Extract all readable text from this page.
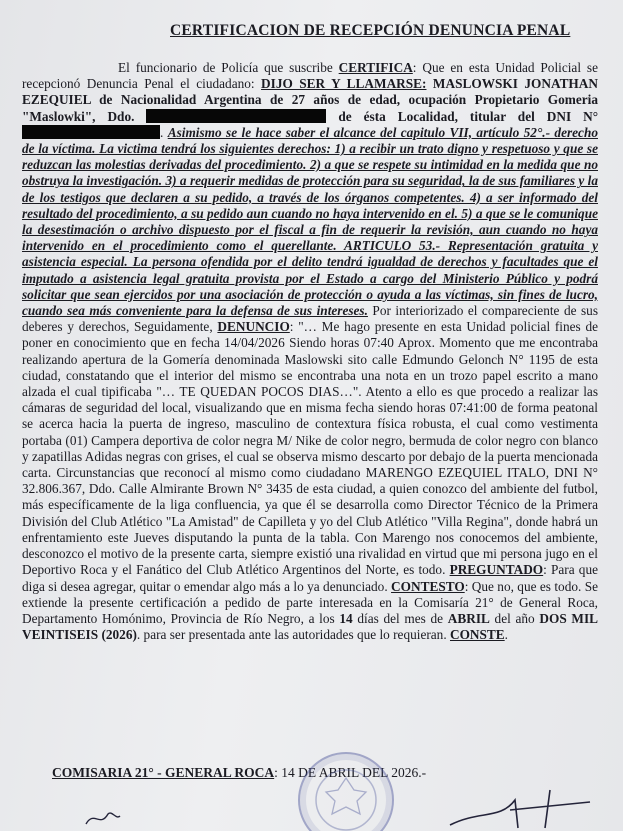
CERTIFICACION DE RECEPCIÓN DENUNCIA PENAL

El funcionario de Policía que suscribe CERTIFICA: Que en esta Unidad Policial se recepcionó Denuncia Penal el ciudadano: DIJO SER Y LLAMARSE: MASLOWSKI JONATHAN EZEQUIEL de Nacionalidad Argentina de 27 años de edad, ocupación Propietario Gomeria "Maslowki", Ddo.	de ésta Localidad, titular del DNI N° . Asimismo se le hace saber el alcance del capitulo VII, artículo 52°.- derecho de la víctima. La victima tendrá los siguientes derechos: 1) a recibir un trato digno y respetuoso y que se reduzcan las molestias derivadas del procedimiento. 2) a que se respete su intimidad en la medida que no obstruya la investigación. 3) a requerir medidas de protección para su seguridad, la de sus familiares y la de los testigos que declaren a su pedido, a través de los órganos competentes. 4) a ser informado del resultado del procedimiento, a su pedido aun cuando no haya intervenido en el. 5) a que se le comunique la desestimación o archivo dispuesto por el fiscal a fin de requerir la revisión, aun cuando no haya intervenido en el procedimiento como el querellante. ARTICULO 53.- Representación gratuita y asistencia especial. La persona ofendida por el delito tendrá igualdad de derechos y facultades que el imputado a asistencia legal gratuita provista por el Estado a cargo del Ministerio Público y podrá solicitar que sean ejercidos por una asociación de protección o ayuda a las víctimas, sin fines de lucro, cuando sea más conveniente para la defensa de sus intereses. Por interiorizado el compareciente de sus deberes y derechos, Seguidamente, DENUNCIO: "… Me hago presente en esta Unidad policial fines de poner en conocimiento que en fecha 14/04/2026 Siendo horas 07:40 Aprox. Momento que me encontraba realizando apertura de la Gomería denominada Maslowski sito calle Edmundo Gelonch N° 1195 de esta ciudad, constatando que el interior del mismo se encontraba una nota en un trozo papel escrito a mano alzada el cual tipificaba "… TE QUEDAN POCOS DIAS…". Atento a ello es que procedo a realizar las cámaras de seguridad del local, visualizando que en misma fecha siendo horas 07:41:00 de forma peatonal se acerca hacia la puerta de ingreso, masculino de contextura física robusta, el cual como vestimenta portaba (01) Campera deportiva de color negra M/ Nike de color negro, bermuda de color negro con blanco y zapatillas Adidas negras con grises, el cual se observa mismo descarto por debajo de la puerta mencionada carta. Circunstancias que reconocí al mismo como ciudadano MARENGO EZEQUIEL ITALO, DNI N° 32.806.367, Ddo. Calle Almirante Brown N° 3435 de esta ciudad, a quien conozco del ambiente del futbol, más específicamente de la liga confluencia, ya que él se desarrolla como Director Técnico de la Primera División del Club Atlético "La Amistad" de Capilleta y yo del Club Atlético "Villa Regina", donde habrá un enfrentamiento este Jueves disputando la punta de la tabla. Con Marengo nos conocemos del ambiente, desconozco el motivo de la presente carta, siempre existió una rivalidad en virtud que mi persona jugo en el Deportivo Roca y el Fanático del Club Atlético Argentinos del Norte, es todo. PREGUNTADO: Para que diga si desea agregar, quitar o emendar algo más a lo ya denunciado. CONTESTO: Que no, que es todo. Se extiende la presente certificación a pedido de parte interesada en la Comisaría 21° de General Roca, Departamento Homónimo, Provincia de Río Negro, a los 14 días del mes de ABRIL del año DOS MIL VEINTISEIS (2026). para ser presentada ante las autoridades que lo requieran. CONSTE.

COMISARIA 21° - GENERAL ROCA: 14 DE ABRIL DEL 2026.-
